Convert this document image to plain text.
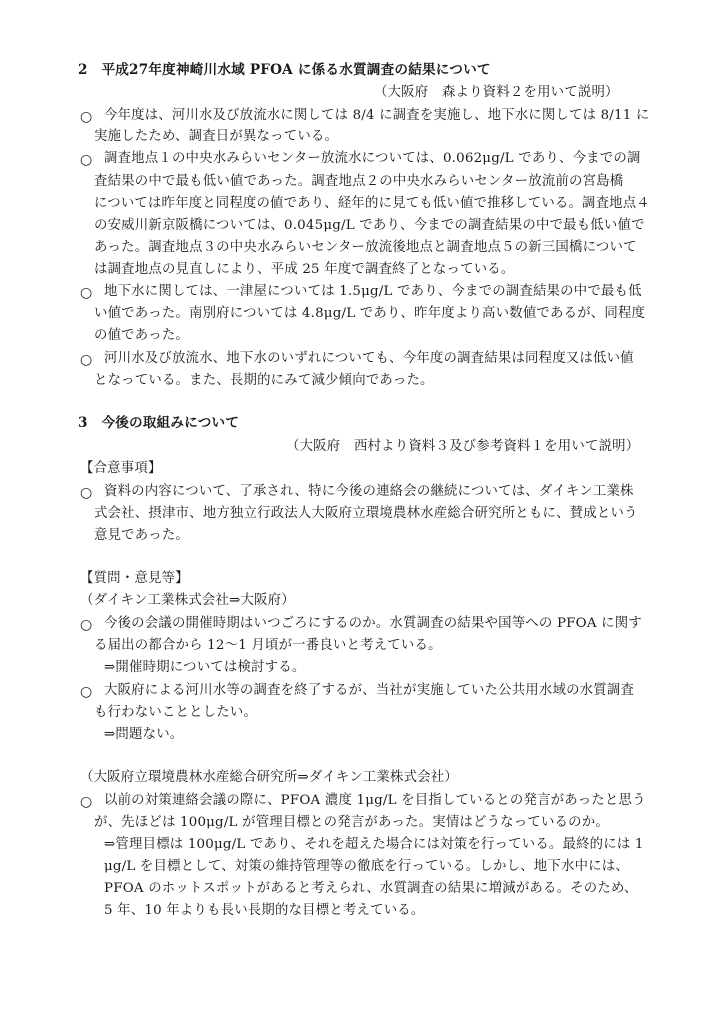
2　平成27年度神崎川水域 PFOA に係る水質調査の結果について
（大阪府　森より資料２を用いて説明）
○ 今年度は、河川水及び放流水に関しては 8/4 に調査を実施し、地下水に関しては 8/11 に
実施したため、調査日が異なっている。
○ 調査地点１の中央水みらいセンター放流水については、0.062μg/L であり、今までの調
査結果の中で最も低い値であった。調査地点２の中央水みらいセンター放流前の宮島橋
については昨年度と同程度の値であり、経年的に見ても低い値で推移している。調査地点４
の安威川新京阪橋については、0.045μg/L であり、今までの調査結果の中で最も低い値で
あった。調査地点３の中央水みらいセンター放流後地点と調査地点５の新三国橋について
は調査地点の見直しにより、平成 25 年度で調査終了となっている。
○ 地下水に関しては、一津屋については 1.5μg/L であり、今までの調査結果の中で最も低
い値であった。南別府については 4.8μg/L であり、昨年度より高い数値であるが、同程度
の値であった。
○ 河川水及び放流水、地下水のいずれについても、今年度の調査結果は同程度又は低い値
となっている。また、長期的にみて減少傾向であった。
3　今後の取組みについて
（大阪府　西村より資料３及び参考資料１を用いて説明）
【合意事項】
○ 資料の内容について、了承され、特に今後の連絡会の継続については、ダイキン工業株
式会社、摂津市、地方独立行政法人大阪府立環境農林水産総合研究所ともに、賛成という
意見であった。
【質問・意見等】
（ダイキン工業株式会社⇒大阪府）
○ 今後の会議の開催時期はいつごろにするのか。水質調査の結果や国等への PFOA に関す
る届出の都合から 12～1 月頃が一番良いと考えている。
⇒開催時期については検討する。
○ 大阪府による河川水等の調査を終了するが、当社が実施していた公共用水域の水質調査
も行わないこととしたい。
⇒問題ない。
（大阪府立環境農林水産総合研究所⇒ダイキン工業株式会社）
○ 以前の対策連絡会議の際に、PFOA 濃度 1μg/L を目指しているとの発言があったと思う
が、先ほどは 100μg/L が管理目標との発言があった。実情はどうなっているのか。
⇒管理目標は 100μg/L であり、それを超えた場合には対策を行っている。最終的には 1
μg/L を目標として、対策の維持管理等の徹底を行っている。しかし、地下水中には、
PFOA のホットスポットがあると考えられ、水質調査の結果に増減がある。そのため、
5 年、10 年よりも長い長期的な目標と考えている。
